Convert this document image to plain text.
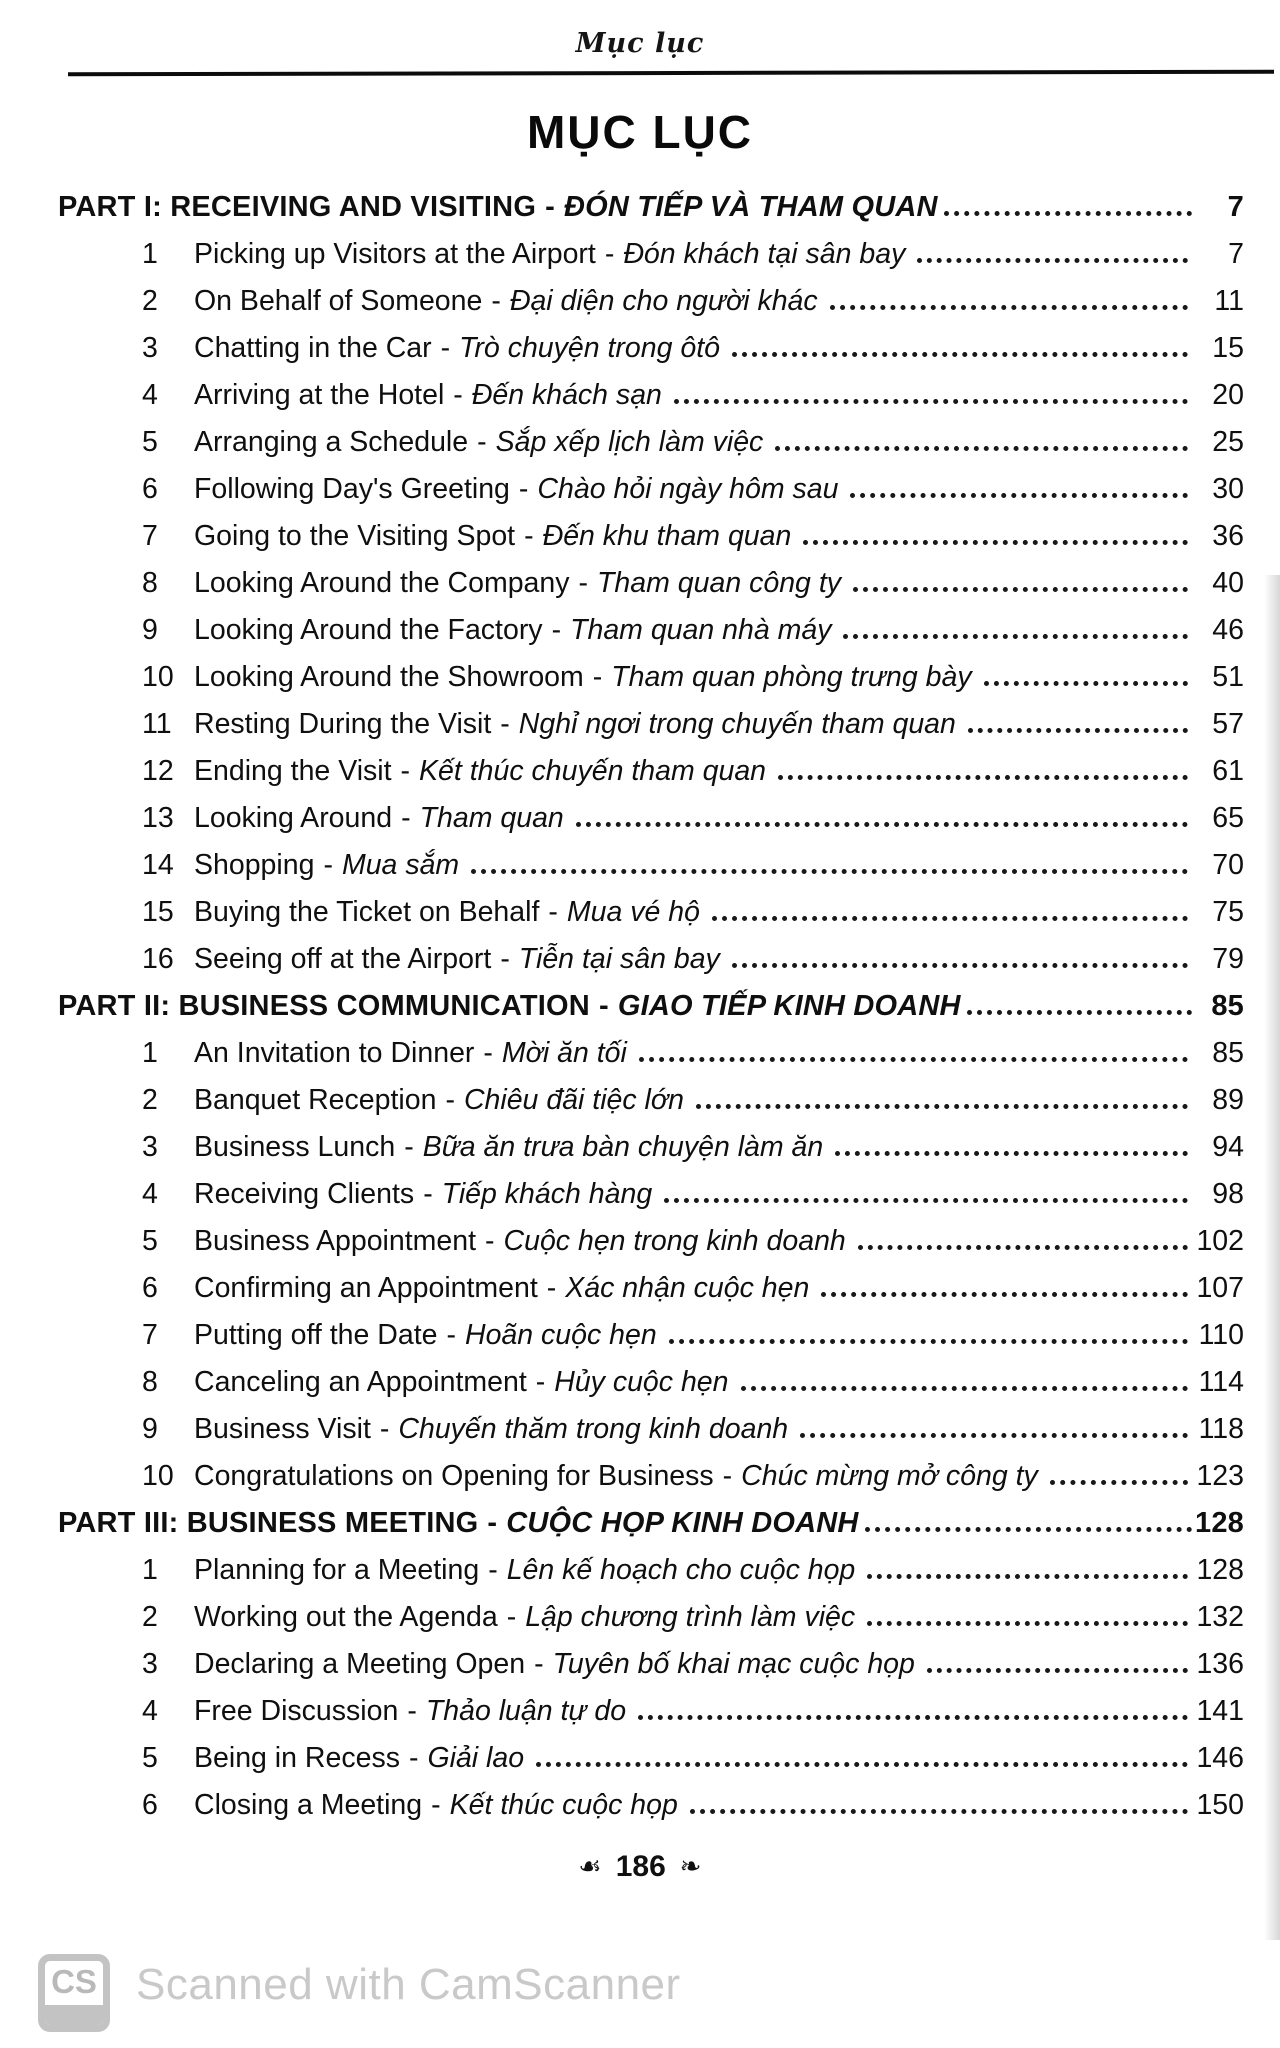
Mục lục
MỤC LỤC
PART I: RECEIVING AND VISITING - ĐÓN TIẾP VÀ THAM QUAN	7
1	Picking up Visitors at the Airport - Đón khách tại sân bay	7
2	On Behalf of Someone - Đại diện cho người khác	11
3	Chatting in the Car - Trò chuyện trong ôtô	15
4	Arriving at the Hotel - Đến khách sạn	20
5	Arranging a Schedule - Sắp xếp lịch làm việc	25
6	Following Day's Greeting - Chào hỏi ngày hôm sau	30
7	Going to the Visiting Spot - Đến khu tham quan	36
8	Looking Around the Company - Tham quan công ty	40
9	Looking Around the Factory - Tham quan nhà máy	46
10 Looking Around the Showroom - Tham quan phòng trưng bày	51
11 Resting During the Visit - Nghỉ ngơi trong chuyến tham quan	57
12 Ending the Visit - Kết thúc chuyến tham quan	61
13 Looking Around - Tham quan	65
14 Shopping - Mua sắm	70
15 Buying the Ticket on Behalf - Mua vé hộ	75
16 Seeing off at the Airport - Tiễn tại sân bay	79
PART II: BUSINESS COMMUNICATION - GIAO TIẾP KINH DOANH	85
1	An Invitation to Dinner - Mời ăn tối	85
2	Banquet Reception - Chiêu đãi tiệc lớn	89
3	Business Lunch - Bữa ăn trưa bàn chuyện làm ăn	94
4	Receiving Clients - Tiếp khách hàng	98
5	Business Appointment - Cuộc hẹn trong kinh doanh	102
6	Confirming an Appointment - Xác nhận cuộc hẹn	107
7	Putting off the Date - Hoãn cuộc hẹn	110
8	Canceling an Appointment - Hủy cuộc hẹn	114
9	Business Visit - Chuyến thăm trong kinh doanh	118
10 Congratulations on Opening for Business - Chúc mừng mở công ty	123
PART III: BUSINESS MEETING - CUỘC HỌP KINH DOANH	128
1	Planning for a Meeting - Lên kế hoạch cho cuộc họp	128
2	Working out the Agenda - Lập chương trình làm việc	132
3	Declaring a Meeting Open - Tuyên bố khai mạc cuộc họp	136
4	Free Discussion - Thảo luận tự do	141
5	Being in Recess - Giải lao	146
6	Closing a Meeting - Kết thúc cuộc họp	150
☙ 186 ❧
CS Scanned with CamScanner
